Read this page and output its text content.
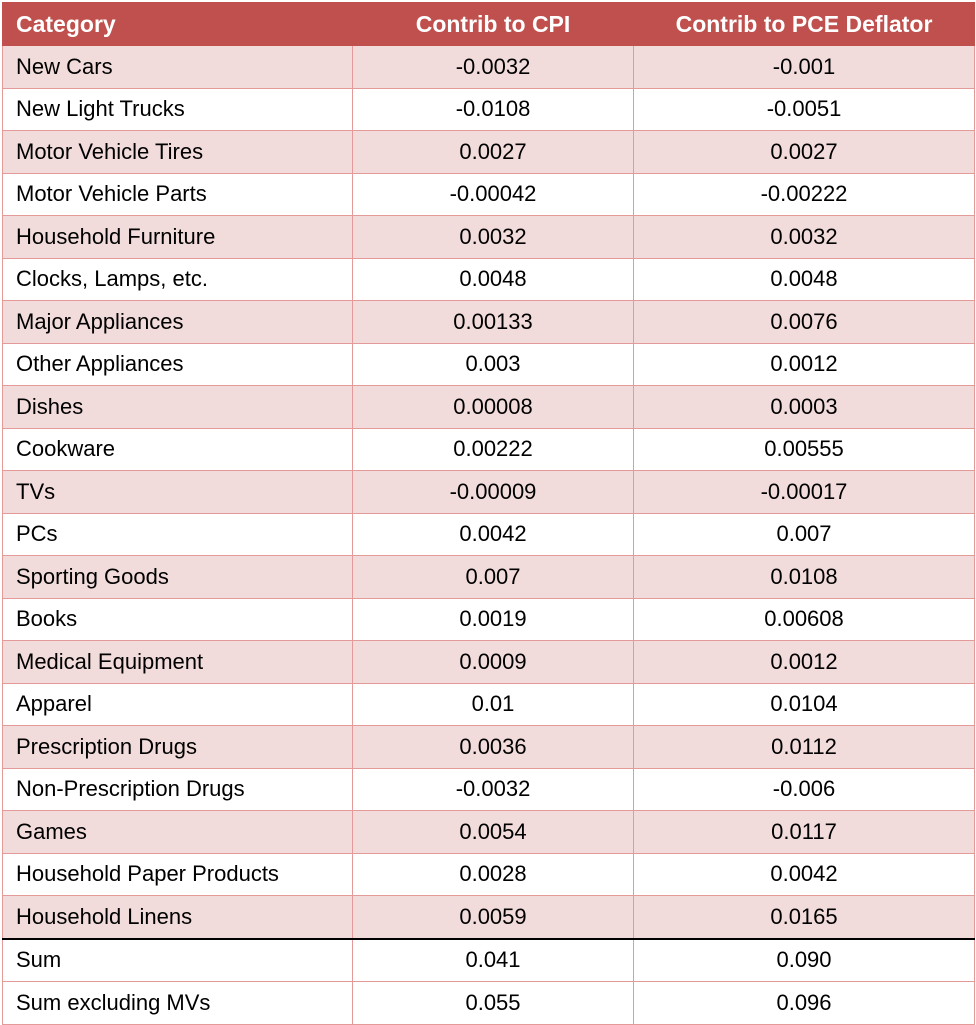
Category	Contrib to CPI	Contrib to PCE Deflator
New Cars	-0.0032	-0.001
New Light Trucks	-0.0108	-0.0051
Motor Vehicle Tires	0.0027	0.0027
Motor Vehicle Parts	-0.00042	-0.00222
Household Furniture	0.0032	0.0032
Clocks, Lamps, etc.	0.0048	0.0048
Major Appliances	0.00133	0.0076
Other Appliances	0.003	0.0012
Dishes	0.00008	0.0003
Cookware	0.00222	0.00555
TVs	-0.00009	-0.00017
PCs	0.0042	0.007
Sporting Goods	0.007	0.0108
Books	0.0019	0.00608
Medical Equipment	0.0009	0.0012
Apparel	0.01	0.0104
Prescription Drugs	0.0036	0.0112
Non-Prescription Drugs	-0.0032	-0.006
Games	0.0054	0.0117
Household Paper Products	0.0028	0.0042
Household Linens	0.0059	0.0165
Sum	0.041	0.090
Sum excluding MVs	0.055	0.096
